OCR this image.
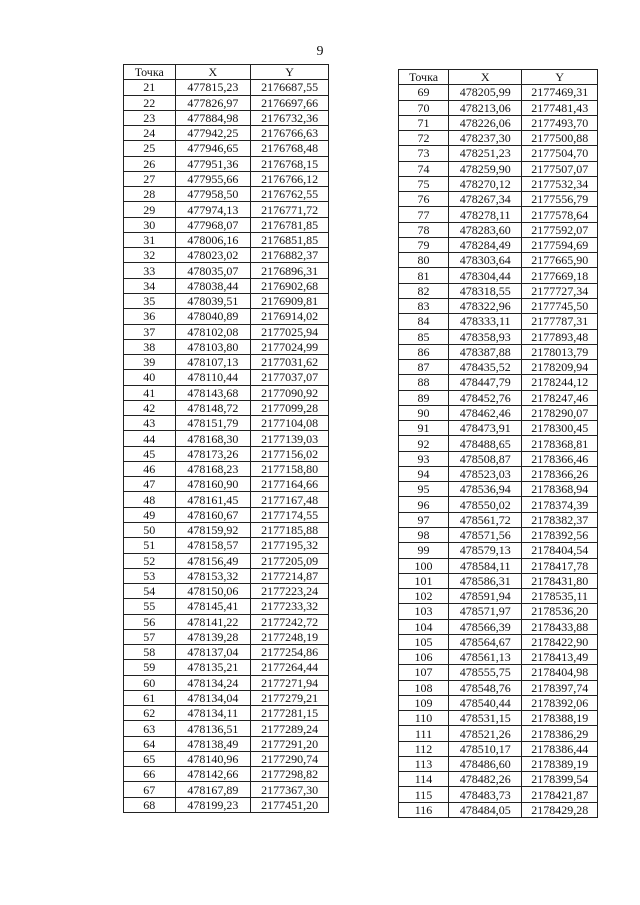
9
Точка	X	Y
21	477815,23	2176687,55
22	477826,97	2176697,66
23	477884,98	2176732,36
24	477942,25	2176766,63
25	477946,65	2176768,48
26	477951,36	2176768,15
27	477955,66	2176766,12
28	477958,50	2176762,55
29	477974,13	2176771,72
30	477968,07	2176781,85
31	478006,16	2176851,85
32	478023,02	2176882,37
33	478035,07	2176896,31
34	478038,44	2176902,68
35	478039,51	2176909,81
36	478040,89	2176914,02
37	478102,08	2177025,94
38	478103,80	2177024,99
39	478107,13	2177031,62
40	478110,44	2177037,07
41	478143,68	2177090,92
42	478148,72	2177099,28
43	478151,79	2177104,08
44	478168,30	2177139,03
45	478173,26	2177156,02
46	478168,23	2177158,80
47	478160,90	2177164,66
48	478161,45	2177167,48
49	478160,67	2177174,55
50	478159,92	2177185,88
51	478158,57	2177195,32
52	478156,49	2177205,09
53	478153,32	2177214,87
54	478150,06	2177223,24
55	478145,41	2177233,32
56	478141,22	2177242,72
57	478139,28	2177248,19
58	478137,04	2177254,86
59	478135,21	2177264,44
60	478134,24	2177271,94
61	478134,04	2177279,21
62	478134,11	2177281,15
63	478136,51	2177289,24
64	478138,49	2177291,20
65	478140,96	2177290,74
66	478142,66	2177298,82
67	478167,89	2177367,30
68	478199,23	2177451,20
Точка	X	Y
69	478205,99	2177469,31
70	478213,06	2177481,43
71	478226,06	2177493,70
72	478237,30	2177500,88
73	478251,23	2177504,70
74	478259,90	2177507,07
75	478270,12	2177532,34
76	478267,34	2177556,79
77	478278,11	2177578,64
78	478283,60	2177592,07
79	478284,49	2177594,69
80	478303,64	2177665,90
81	478304,44	2177669,18
82	478318,55	2177727,34
83	478322,96	2177745,50
84	478333,11	2177787,31
85	478358,93	2177893,48
86	478387,88	2178013,79
87	478435,52	2178209,94
88	478447,79	2178244,12
89	478452,76	2178247,46
90	478462,46	2178290,07
91	478473,91	2178300,45
92	478488,65	2178368,81
93	478508,87	2178366,46
94	478523,03	2178366,26
95	478536,94	2178368,94
96	478550,02	2178374,39
97	478561,72	2178382,37
98	478571,56	2178392,56
99	478579,13	2178404,54
100	478584,11	2178417,78
101	478586,31	2178431,80
102	478591,94	2178535,11
103	478571,97	2178536,20
104	478566,39	2178433,88
105	478564,67	2178422,90
106	478561,13	2178413,49
107	478555,75	2178404,98
108	478548,76	2178397,74
109	478540,44	2178392,06
110	478531,15	2178388,19
111	478521,26	2178386,29
112	478510,17	2178386,44
113	478486,60	2178389,19
114	478482,26	2178399,54
115	478483,73	2178421,87
116	478484,05	2178429,28
